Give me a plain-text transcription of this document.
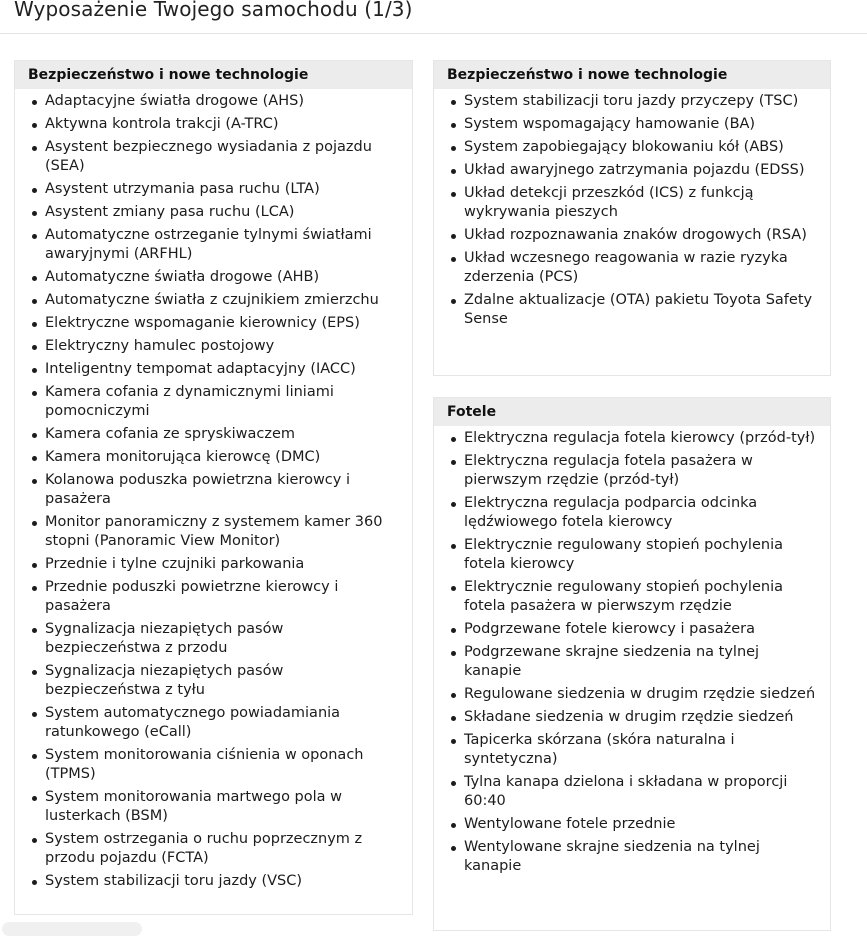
Wyposażenie Twojego samochodu (1/3)
Bezpieczeństwo i nowe technologie
Adaptacyjne światła drogowe (AHS)
Aktywna kontrola trakcji (A-TRC)
Asystent bezpiecznego wysiadania z pojazdu (SEA)
Asystent utrzymania pasa ruchu (LTA)
Asystent zmiany pasa ruchu (LCA)
Automatyczne ostrzeganie tylnymi światłami awaryjnymi (ARFHL)
Automatyczne światła drogowe (AHB)
Automatyczne światła z czujnikiem zmierzchu
Elektryczne wspomaganie kierownicy (EPS)
Elektryczny hamulec postojowy
Inteligentny tempomat adaptacyjny (IACC)
Kamera cofania z dynamicznymi liniami pomocniczymi
Kamera cofania ze spryskiwaczem
Kamera monitorująca kierowcę (DMC)
Kolanowa poduszka powietrzna kierowcy i pasażera
Monitor panoramiczny z systemem kamer 360 stopni (Panoramic View Monitor)
Przednie i tylne czujniki parkowania
Przednie poduszki powietrzne kierowcy i pasażera
Sygnalizacja niezapiętych pasów bezpieczeństwa z przodu
Sygnalizacja niezapiętych pasów bezpieczeństwa z tyłu
System automatycznego powiadamiania ratunkowego (eCall)
System monitorowania ciśnienia w oponach (TPMS)
System monitorowania martwego pola w lusterkach (BSM)
System ostrzegania o ruchu poprzecznym z przodu pojazdu (FCTA)
System stabilizacji toru jazdy (VSC)
Bezpieczeństwo i nowe technologie
System stabilizacji toru jazdy przyczepy (TSC)
System wspomagający hamowanie (BA)
System zapobiegający blokowaniu kół (ABS)
Układ awaryjnego zatrzymania pojazdu (EDSS)
Układ detekcji przeszkód (ICS) z funkcją wykrywania pieszych
Układ rozpoznawania znaków drogowych (RSA)
Układ wczesnego reagowania w razie ryzyka zderzenia (PCS)
Zdalne aktualizacje (OTA) pakietu Toyota Safety Sense
Fotele
Elektryczna regulacja fotela kierowcy (przód-tył)
Elektryczna regulacja fotela pasażera w pierwszym rzędzie (przód-tył)
Elektryczna regulacja podparcia odcinka lędźwiowego fotela kierowcy
Elektrycznie regulowany stopień pochylenia fotela kierowcy
Elektrycznie regulowany stopień pochylenia fotela pasażera w pierwszym rzędzie
Podgrzewane fotele kierowcy i pasażera
Podgrzewane skrajne siedzenia na tylnej kanapie
Regulowane siedzenia w drugim rzędzie siedzeń
Składane siedzenia w drugim rzędzie siedzeń
Tapicerka skórzana (skóra naturalna i syntetyczna)
Tylna kanapa dzielona i składana w proporcji 60:40
Wentylowane fotele przednie
Wentylowane skrajne siedzenia na tylnej kanapie
